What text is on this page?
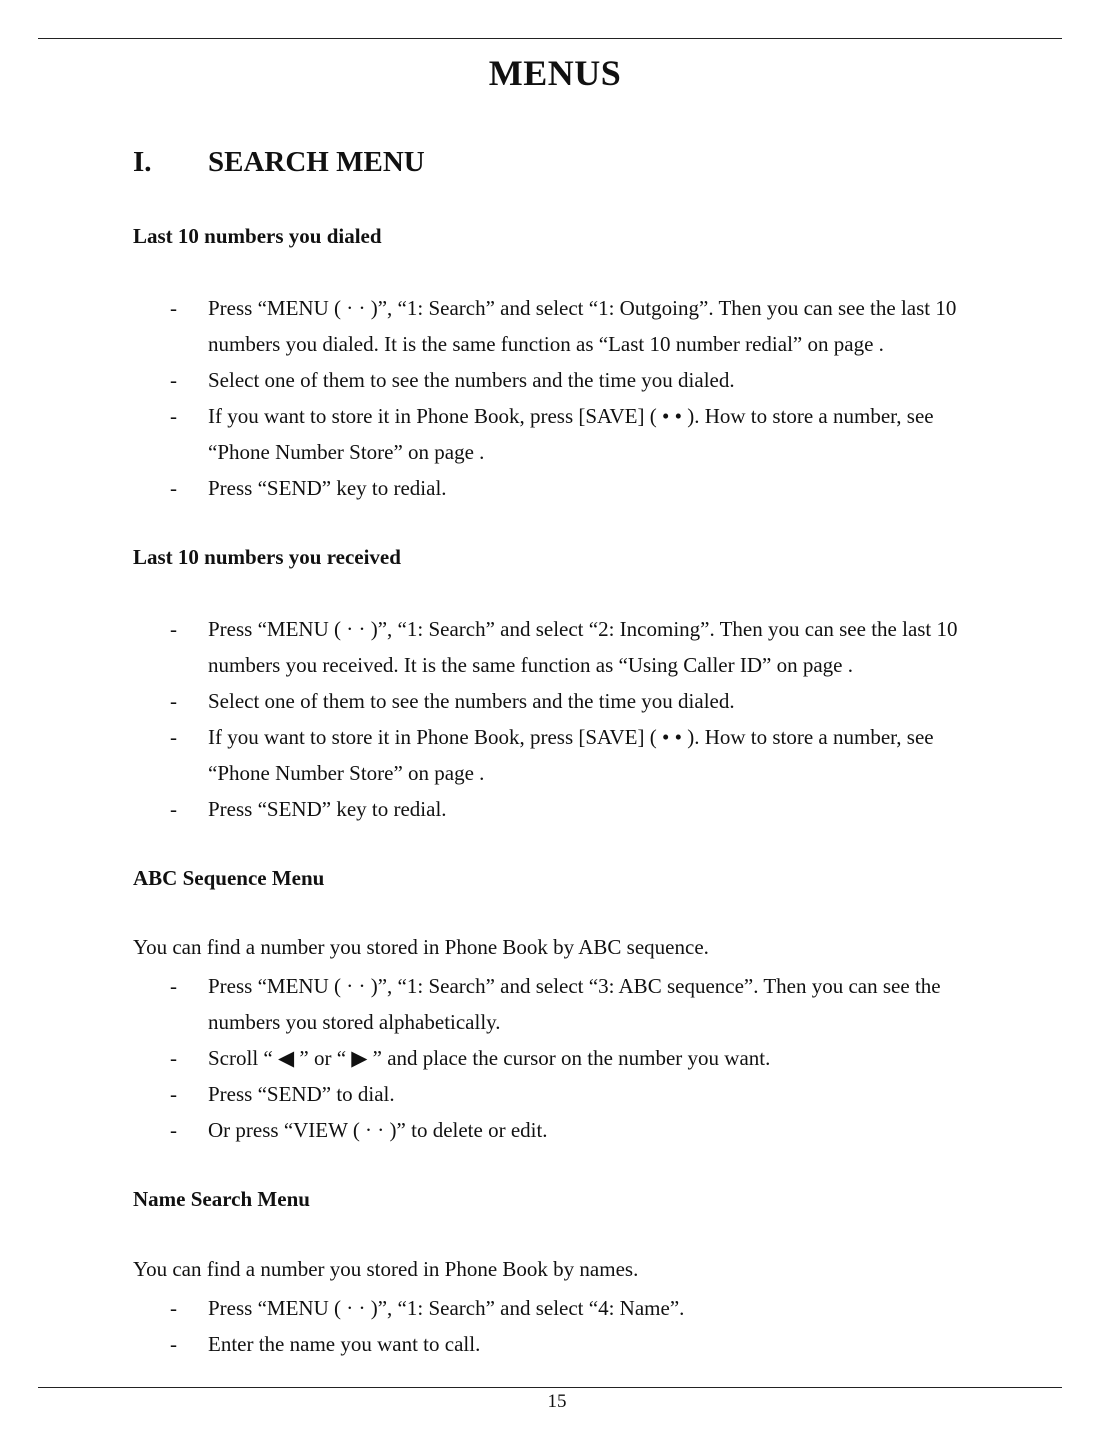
MENUS
I. SEARCH MENU
Last 10 numbers you dialed
- Press “MENU ( · · )”, “1: Search” and select “1: Outgoing”. Then you can see the last 10 numbers you dialed. It is the same function as “Last 10 number redial” on page .
- Select one of them to see the numbers and the time you dialed.
- If you want to store it in Phone Book, press [SAVE] ( • • ). How to store a number, see “Phone Number Store” on page .
- Press “SEND” key to redial.
Last 10 numbers you received
- Press “MENU ( · · )”, “1: Search” and select “2: Incoming”. Then you can see the last 10 numbers you received. It is the same function as “Using Caller ID” on page .
- Select one of them to see the numbers and the time you dialed.
- If you want to store it in Phone Book, press [SAVE] ( • • ). How to store a number, see “Phone Number Store” on page .
- Press “SEND” key to redial.
ABC Sequence Menu
You can find a number you stored in Phone Book by ABC sequence.
- Press “MENU ( · · )”, “1: Search” and select “3: ABC sequence”. Then you can see the numbers you stored alphabetically.
- Scroll “ ◀ ” or “ ▶ ” and place the cursor on the number you want.
- Press “SEND” to dial.
- Or press “VIEW ( · · )” to delete or edit.
Name Search Menu
You can find a number you stored in Phone Book by names.
- Press “MENU ( · · )”, “1: Search” and select “4: Name”.
- Enter the name you want to call.
15
